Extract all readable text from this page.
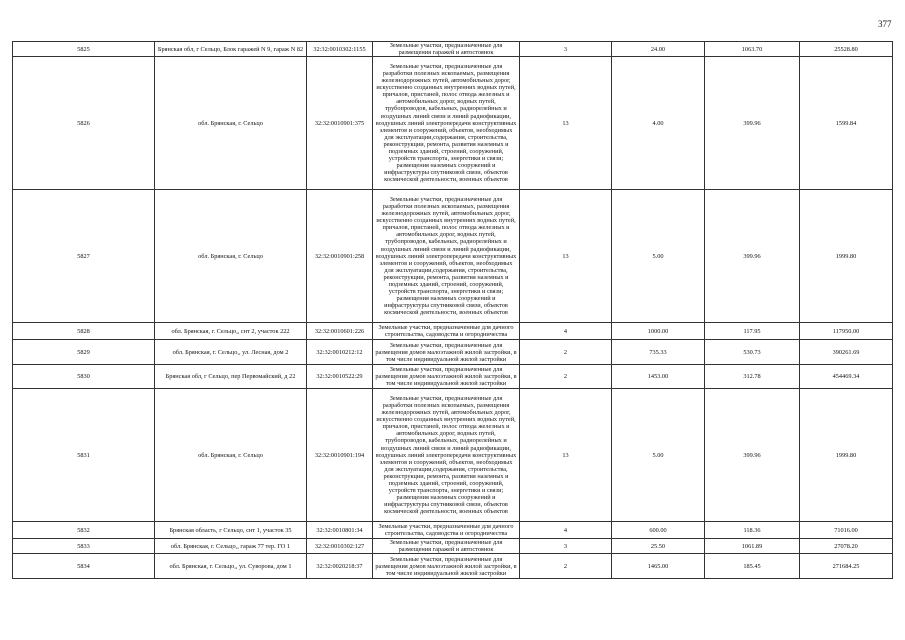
377
5825	Брянская обл, г Сельцо, Блок гаражей N 9, гараж N 82	32:32:0010302:1155	Земельные участки, предназначенные для размещения гаражей и автостоянок	3	24.00	1063.70	25528.80
5826	обл. Брянская, г. Сельцо	32:32:0010901:375	Земельные участки, предназначенные для разработки полезных ископаемых, размещения железнодорожных путей, автомобильных дорог, искусственно созданных внутренних водных путей, причалов, пристаней, полос отвода железных и автомобильных дорог, водных путей, трубопроводов, кабельных, радиорелейных и воздушных линий связи и линий радиофикации, воздушных линий электропередачи конструктивных элементов и сооружений, объектов, необходимых для эксплуатации,содержания, строительства, реконструкции, ремонта, развития наземных и подземных зданий, строений, сооружений, устройств транспорта, энергетики и связи; размещения наземных сооружений и инфраструктуры спутниковой связи, объектов космической деятельности, военных объектов	13	4.00	399.96	1599.84
5827	обл. Брянская, г. Сельцо	32:32:0010901:258	Земельные участки, предназначенные для разработки полезных ископаемых, размещения железнодорожных путей, автомобильных дорог, искусственно созданных внутренних водных путей, причалов, пристаней, полос отвода железных и автомобильных дорог, водных путей, трубопроводов, кабельных, радиорелейных и воздушных линий связи и линий радиофикации, воздушных линий электропередачи конструктивных элементов и сооружений, объектов, необходимых для эксплуатации,содержания, строительства, реконструкции, ремонта, развития наземных и подземных зданий, строений, сооружений, устройств транспорта, энергетики и связи; размещения наземных сооружений и инфраструктуры спутниковой связи, объектов космической деятельности, военных объектов	13	5.00	399.96	1999.80
5828	обл. Брянская, г. Сельцо,, снт 2, участок 222	32:32:0010601:226	Земельные участки, предназначенные для дачного строительства, садоводства и огородничества	4	1000.00	117.95	117950.00
5829	обл. Брянская, г. Сельцо,, ул. Лесная, дом 2	32:32:0010212:12	Земельные участки, предназначенные для размещения домов малоэтажной жилой застройки, в том числе индивидуальной жилой застройки	2	735.33	530.73	390261.69
5830	Брянская обл, г Сельцо, пер Первомайский, д 22	32:32:0010522:29	Земельные участки, предназначенные для размещения домов малоэтажной жилой застройки, в том числе индивидуальной жилой застройки	2	1453.00	312.78	454469.34
5831	обл. Брянская, г. Сельцо	32:32:0010901:194	Земельные участки, предназначенные для разработки полезных ископаемых, размещения железнодорожных путей, автомобильных дорог, искусственно созданных внутренних водных путей, причалов, пристаней, полос отвода железных и автомобильных дорог, водных путей, трубопроводов, кабельных, радиорелейных и воздушных линий связи и линий радиофикации, воздушных линий электропередачи конструктивных элементов и сооружений, объектов, необходимых для эксплуатации,содержания, строительства, реконструкции, ремонта, развития наземных и подземных зданий, строений, сооружений, устройств транспорта, энергетики и связи; размещения наземных сооружений и инфраструктуры спутниковой связи, объектов космической деятельности, военных объектов	13	5.00	399.96	1999.80
5832	Брянская область, г Сельцо, снт 1, участок 35	32:32:0010801:34	Земельные участки, предназначенные для дачного строительства, садоводства и огородничества	4	600.00	118.36	71016.00
5833	обл. Брянская, г. Сельцо,, гараж 77 тер. ГО 1	32:32:0010302:127	Земельные участки, предназначенные для размещения гаражей и автостоянок	3	25.50	1061.89	27078.20
5834	обл. Брянская, г. Сельцо,, ул. Суворова, дом 1	32:32:0020218:37	Земельные участки, предназначенные для размещения домов малоэтажной жилой застройки, в том числе индивидуальной жилой застройки	2	1465.00	185.45	271684.25
